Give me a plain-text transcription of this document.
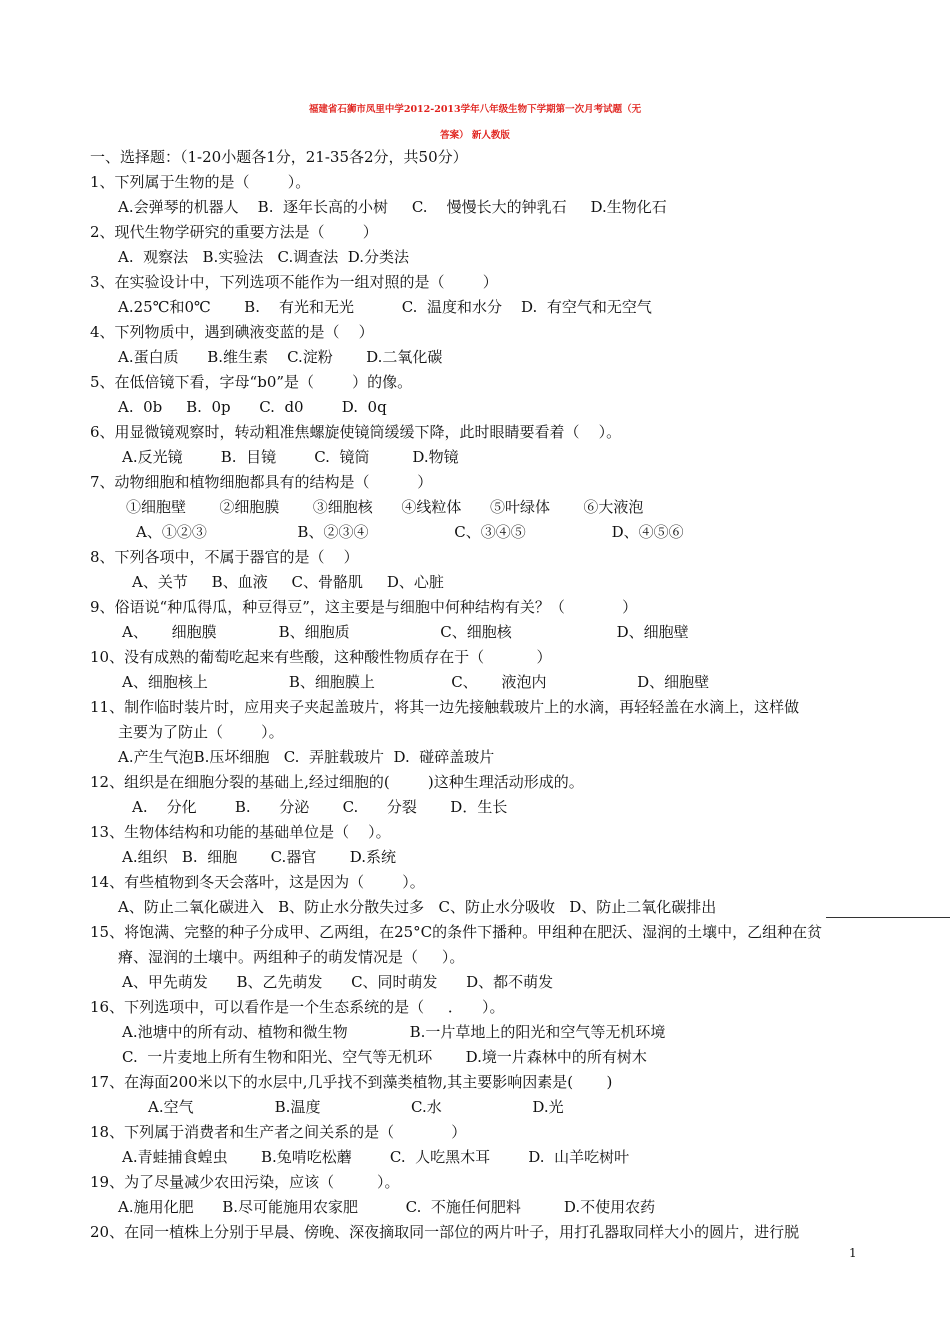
福建省石狮市凤里中学2012-2013学年八年级生物下学期第一次月考试题（无
答案） 新人教版
一、选择题：（1-20小题各1分，21-35各2分，共50分）
1、下列属于生物的是（        ）。
A.会弹琴的机器人    B.  逐年长高的小树     C.    慢慢长大的钟乳石     D.生物化石
2、现代生物学研究的重要方法是（        ）
A.  观察法   B.实验法   C.调查法  D.分类法
3、在实验设计中，下列选项不能作为一组对照的是（        ）
A.25℃和0℃       B.    有光和无光          C.  温度和水分    D.  有空气和无空气
4、下列物质中，遇到碘液变蓝的是（    ）
A.蛋白质      B.维生素    C.淀粉       D.二氧化碳
5、在低倍镜下看，字母“b0”是（        ）的像。
A.  0b     B.  0p      C.  d0        D.  0q
6、用显微镜观察时，转动粗准焦螺旋使镜筒缓缓下降，此时眼睛要看着（    ）。
A.反光镜        B.  目镜        C.  镜筒         D.物镜
7、动物细胞和植物细胞都具有的结构是（          ）
①细胞壁       ②细胞膜       ③细胞核      ④线粒体      ⑤叶绿体       ⑥大液泡
A、①②③                   B、②③④                  C、③④⑤                  D、④⑤⑥
8、下列各项中，不属于器官的是（    ）
A、关节     B、血液     C、骨骼肌     D、心脏
9、俗语说“种瓜得瓜，种豆得豆”，这主要是与细胞中何种结构有关？（            ）
A、     细胞膜             B、细胞质                   C、细胞核                      D、细胞壁
10、没有成熟的葡萄吃起来有些酸，这种酸性物质存在于（           ）
A、细胞核上                 B、细胞膜上                C、     液泡内                   D、细胞壁
11、制作临时装片时，应用夹子夹起盖玻片，将其一边先接触载玻片上的水滴，再轻轻盖在水滴上，这样做
主要为了防止（        ）。
A.产生气泡B.压坏细胞   C.  弄脏载玻片  D.  碰碎盖玻片
12、组织是在细胞分裂的基础上,经过细胞的(        )这种生理活动形成的。
A.    分化        B.      分泌       C.      分裂       D．生长
13、生物体结构和功能的基础单位是（    ）。
A.组织   B.  细胞       C.器官       D.系统
14、有些植物到冬天会落叶，这是因为（        ）。
A、防止二氧化碳进入   B、防止水分散失过多   C、防止水分吸收   D、防止二氧化碳排出
15、将饱满、完整的种子分成甲、乙两组，在25°C的条件下播种。甲组种在肥沃、湿润的土壤中，乙组种在贫
瘠、湿润的土壤中。两组种子的萌发情况是（     ）。
A、甲先萌发      B、乙先萌发      C、同时萌发      D、都不萌发
16、下列选项中，可以看作是一个生态系统的是（     ．    ）。
A.池塘中的所有动、植物和微生物             B.一片草地上的阳光和空气等无机环境
C.  一片麦地上所有生物和阳光、空气等无机环       D.境一片森林中的所有树木
17、在海面200米以下的水层中,几乎找不到藻类植物,其主要影响因素是(       )
A.空气                 B.温度                   C.水                   D.光
18、下列属于消费者和生产者之间关系的是（            ）
A.青蛙捕食蝗虫       B.兔啃吃松蘑        C.  人吃黑木耳        D.  山羊吃树叶
19、为了尽量减少农田污染，应该（         ）。
A.施用化肥      B.尽可能施用农家肥          C.  不施任何肥料         D.不使用农药
20、在同一植株上分别于早晨、傍晚、深夜摘取同一部位的两片叶子，用打孔器取同样大小的圆片，进行脱
1
